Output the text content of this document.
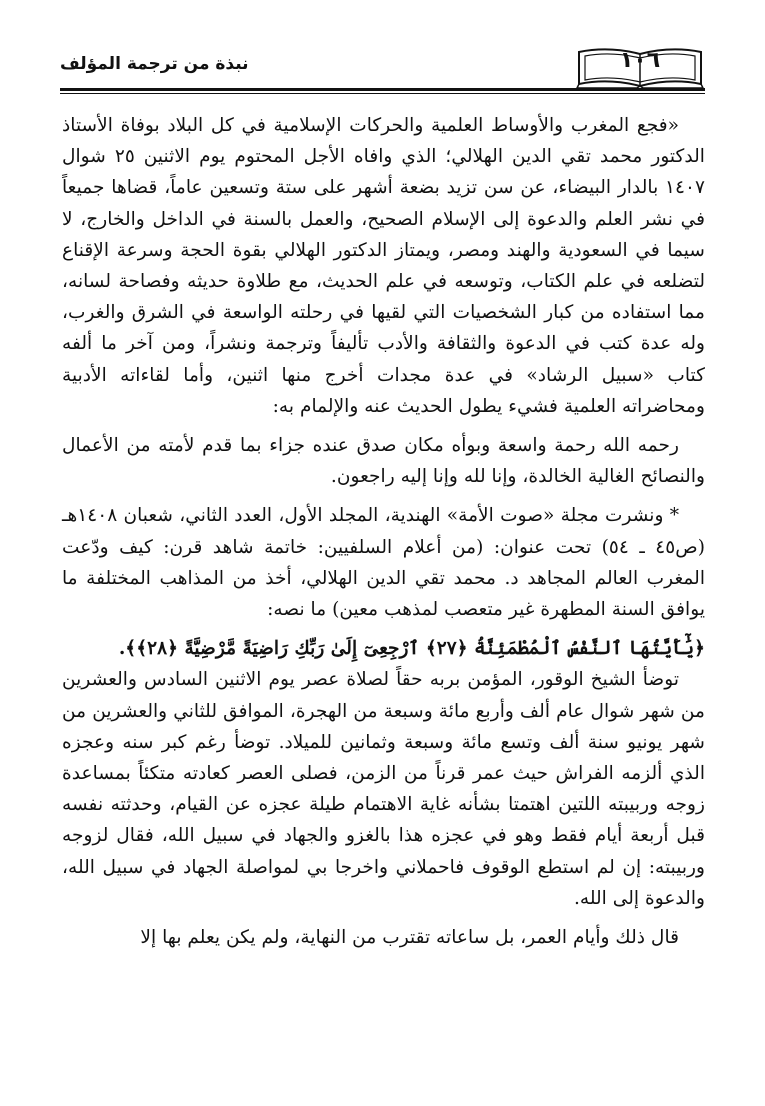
١٠٦
نبذة من ترجمة المؤلف

«فجع المغرب والأوساط العلمية والحركات الإسلامية في كل البلاد بوفاة الأستاذ الدكتور محمد تقي الدين الهلالي؛ الذي وافاه الأجل المحتوم يوم الاثنين ٢٥ شوال ١٤٠٧ بالدار البيضاء، عن سن تزيد بضعة أشهر على ستة وتسعين عاماً، قضاها جميعاً في نشر العلم والدعوة إلى الإسلام الصحيح، والعمل بالسنة في الداخل والخارج، لا سيما في السعودية والهند ومصر، ويمتاز الدكتور الهلالي بقوة الحجة وسرعة الإقناع لتضلعه في علم الكتاب، وتوسعه في علم الحديث، مع طلاوة حديثه وفصاحة لسانه، مما استفاده من كبار الشخصيات التي لقيها في رحلته الواسعة في الشرق والغرب، وله عدة كتب في الدعوة والثقافة والأدب تأليفاً وترجمة ونشراً، ومن آخر ما ألفه كتاب «سبيل الرشاد» في عدة مجدات أخرج منها اثنين، وأما لقاءاته الأدبية ومحاضراته العلمية فشيء يطول الحديث عنه والإلمام به:

رحمه الله رحمة واسعة وبوأه مكان صدق عنده جزاء بما قدم لأمته من الأعمال والنصائح الغالية الخالدة، وإنا لله وإنا إليه راجعون.

* ونشرت مجلة «صوت الأمة» الهندية، المجلد الأول، العدد الثاني، شعبان ١٤٠٨هـ (ص٤٥ ـ ٥٤) تحت عنوان: (من أعلام السلفيين: خاتمة شاهد قرن: كيف ودّعت المغرب العالم المجاهد د. محمد تقي الدين الهلالي، أخذ من المذاهب المختلفة ما يوافق السنة المطهرة غير متعصب لمذهب معين) ما نصه:

﴿يَٰٓأَيَّتُهَا ٱلنَّفْسُ ٱلْمُطْمَئِنَّةُ ﴿٢٧﴾ ٱرْجِعِىٓ إِلَىٰ رَبِّكِ رَاضِيَةً مَّرْضِيَّةً ﴿٢٨﴾﴾.

توضأ الشيخ الوقور، المؤمن بربه حقاً لصلاة عصر يوم الاثنين السادس والعشرين من شهر شوال عام ألف وأربع مائة وسبعة من الهجرة، الموافق للثاني والعشرين من شهر يونيو سنة ألف وتسع مائة وسبعة وثمانين للميلاد. توضأ رغم كبر سنه وعجزه الذي ألزمه الفراش حيث عمر قرناً من الزمن، فصلى العصر كعادته متكئاً بمساعدة زوجه وربيبته اللتين اهتمتا بشأنه غاية الاهتمام طيلة عجزه عن القيام، وحدثته نفسه قبل أربعة أيام فقط وهو في عجزه هذا بالغزو والجهاد في سبيل الله، فقال لزوجه وربيبته: إن لم استطع الوقوف فاحملاني واخرجا بي لمواصلة الجهاد في سبيل الله، والدعوة إلى الله.

قال ذلك وأيام العمر، بل ساعاته تقترب من النهاية، ولم يكن يعلم بها إلا
